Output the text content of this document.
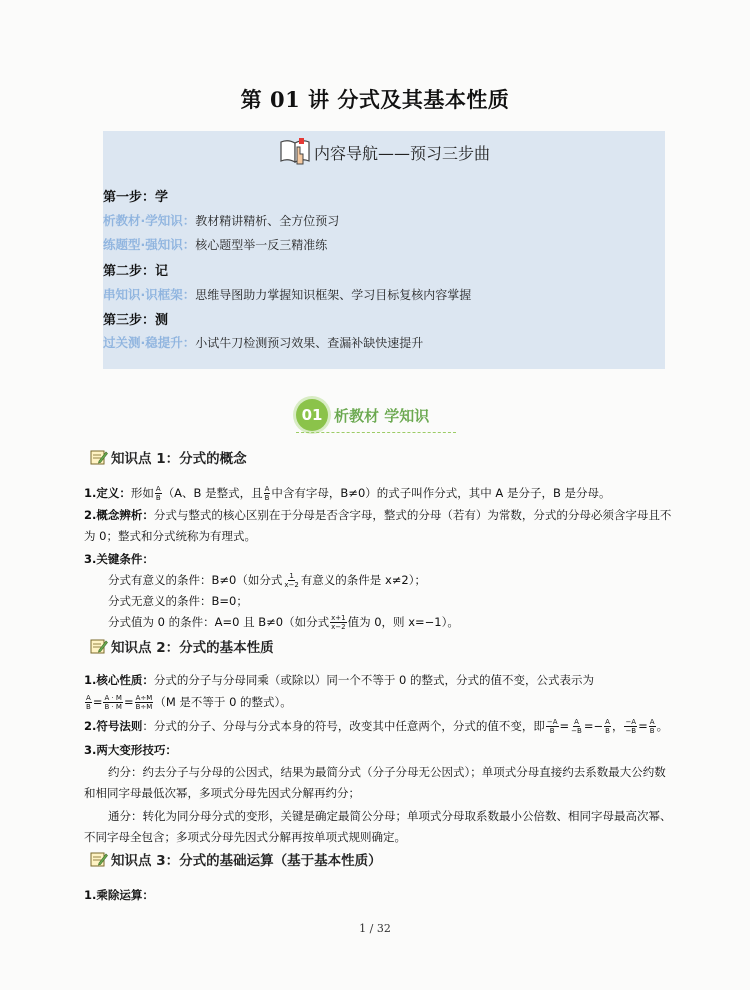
第 01 讲 分式及其基本性质
内容导航——预习三步曲
第一步：学
析教材·学知识：教材精讲精析、全方位预习
练题型·强知识：核心题型举一反三精准练
第二步：记
串知识·识框架：思维导图助力掌握知识框架、学习目标复核内容掌握
第三步：测
过关测·稳提升：小试牛刀检测预习效果、查漏补缺快速提升
01 析教材 学知识
知识点 1：分式的概念
1.定义：形如 $\frac{A}{B} (A$、B 是整式，且 $\frac{A}{B}$ 中含有字母，B≠0）的式子叫作分式，其中 A 是分子，B 是分母。
2.概念辨析：分式与整式的核心区别在于分母是否含字母，整式的分母（若有）为常数，分式的分母必须含字母且不为 0；整式和分式统称为有理式。
3.关键条件：
分式有意义的条件：B≠0（如分式 $\frac{1}{x-2}$ 有意义的条件是 x≠2）；
分式无意义的条件：B=0；
分式值为 0 的条件：A=0 且 B≠0（如分式 $\frac{x+1}{x-2}$ 值为 0，则 x=−1）。
知识点 2：分式的基本性质
1.核心性质：分式的分子与分母同乘（或除以）同一个不等于 0 的整式，分式的值不变，公式表示为
$\frac{A}{B} = \frac{A \cdot M}{B \cdot M} = \frac{A\div M}{B\div M} (M$ 是不等于 0 的整式）。
2.符号法则：分式的分子、分母与分式本身的符号，改变其中任意两个，分式的值不变，即 $\frac{-A}{B} = \frac{A}{-B} =- \frac{A}{B}$ ， $\frac{-A}{-B} = \frac{A}{B}$ 。
3.两大变形技巧：
约分：约去分子与分母的公因式，结果为最简分式（分子分母无公因式）；单项式分母直接约去系数最大公约数和相同字母最低次幂，多项式分母先因式分解再约分；
通分：转化为同分母分式的变形，关键是确定最简公分母；单项式分母取系数最小公倍数、相同字母最高次幂、不同字母全包含；多项式分母先因式分解再按单项式规则确定。
知识点 3：分式的基础运算（基于基本性质）
1.乘除运算：
1 / 32
